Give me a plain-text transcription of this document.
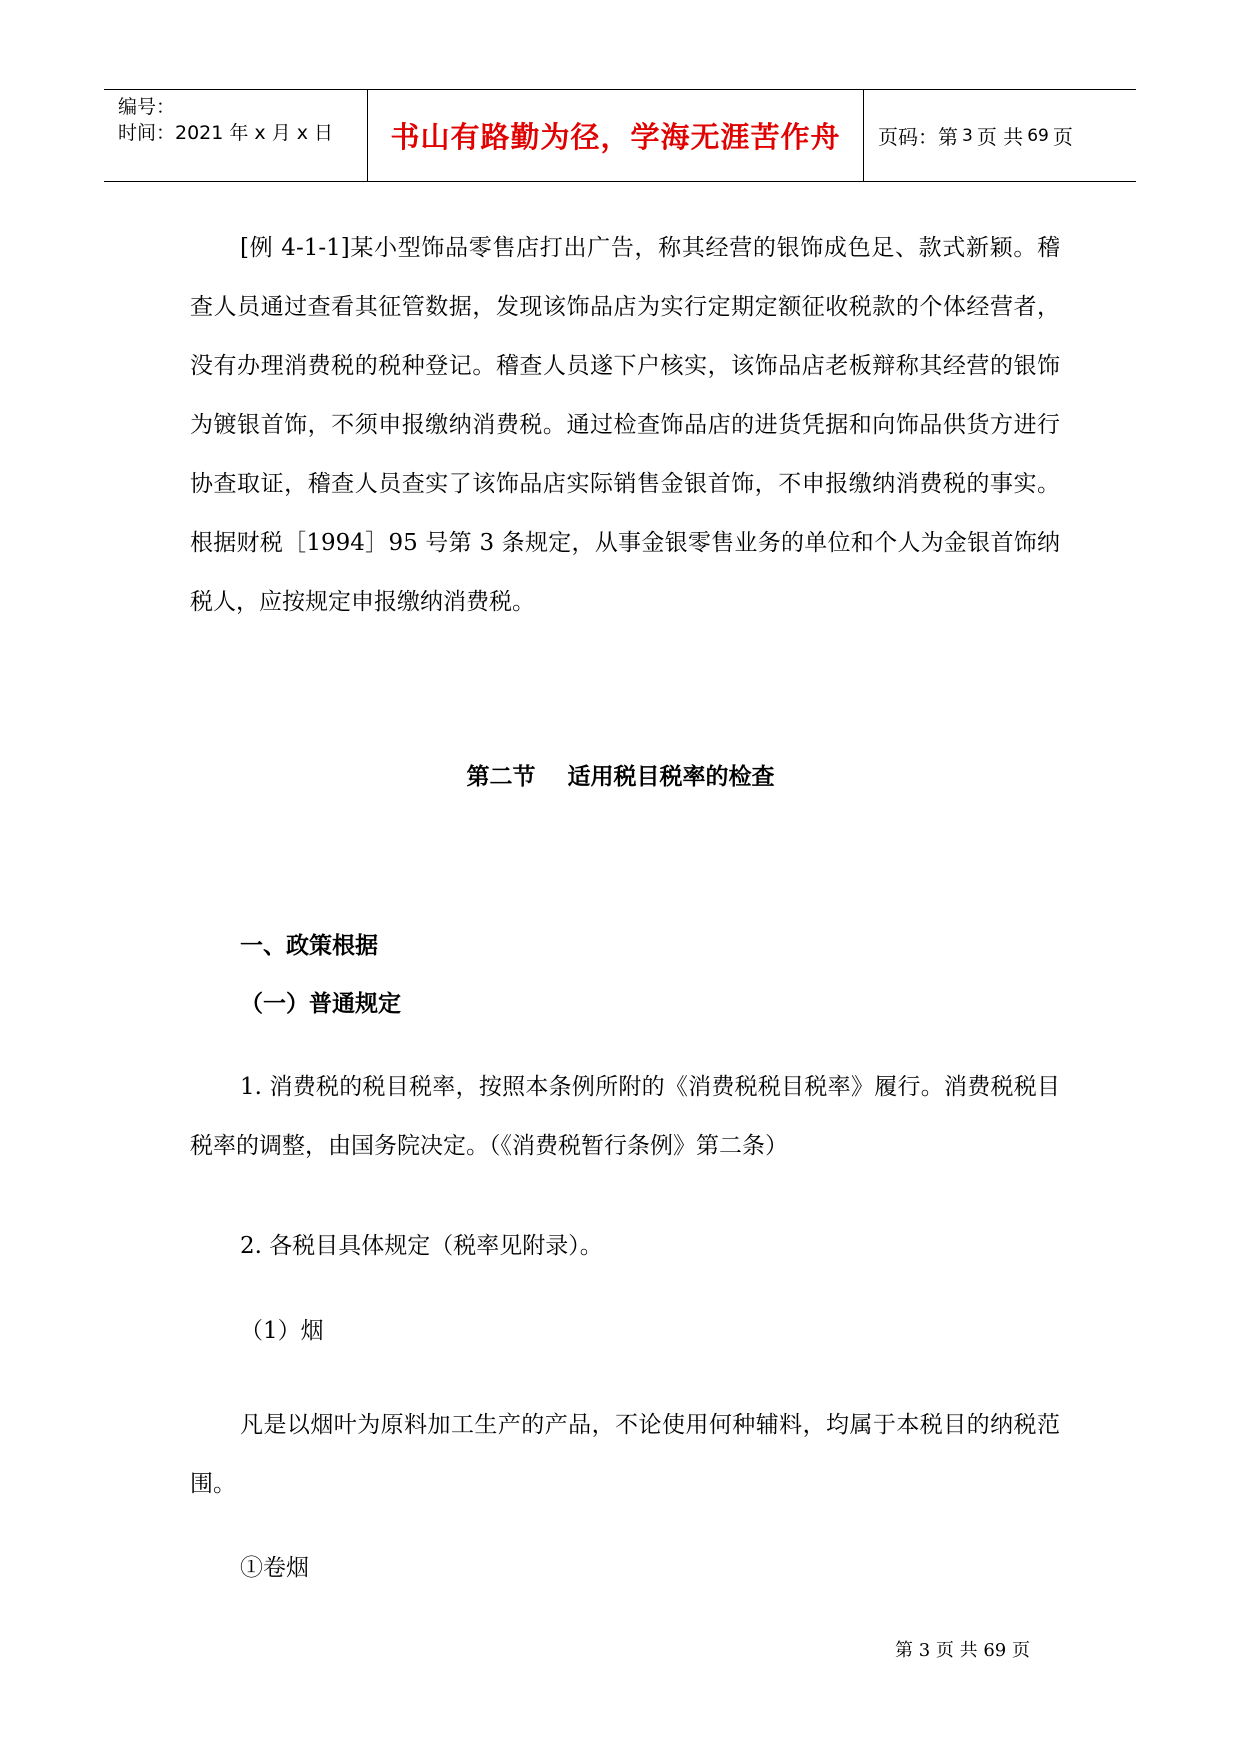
编号：
时间：2021 年 x 月 x 日	书山有路勤为径，学海无涯苦作舟	页码：第 3 页 共 69 页

[例 4-1-1]某小型饰品零售店打出广告，称其经营的银饰成色足、款式新颖。稽查人员通过查看其征管数据，发现该饰品店为实行定期定额征收税款的个体经营者，没有办理消费税的税种登记。稽查人员遂下户核实，该饰品店老板辩称其经营的银饰为镀银首饰，不须申报缴纳消费税。通过检查饰品店的进货凭据和向饰品供货方进行协查取证，稽查人员查实了该饰品店实际销售金银首饰，不申报缴纳消费税的事实。根据财税［1994］95 号第 3 条规定，从事金银零售业务的单位和个人为金银首饰纳税人，应按规定申报缴纳消费税。

第二节    适用税目税率的检查
一、政策根据
（一）普通规定

1. 消费税的税目税率，按照本条例所附的《消费税税目税率》履行。消费税税目税率的调整，由国务院决定。（《消费税暂行条例》第二条）

2. 各税目具体规定（税率见附录）。
（1）烟

凡是以烟叶为原料加工生产的产品，不论使用何种辅料，均属于本税目的纳税范围。

①卷烟
第 3 页 共 69 页
